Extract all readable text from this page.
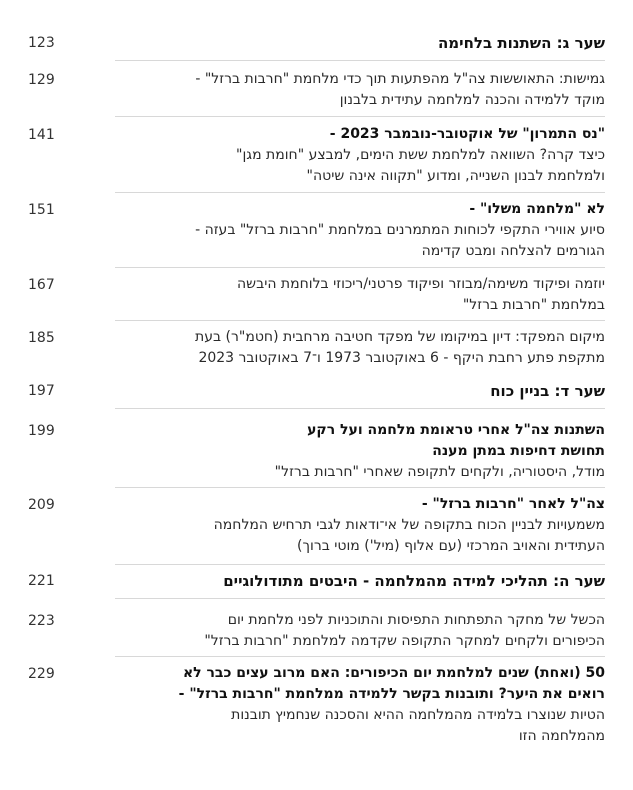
123	שער ג: השתנות בלחימה
129	גמישות: התאוששות צה"ל מהפתעות תוך כדי מלחמת "חרבות ברזל" -
מוקד ללמידה והכנה למלחמה עתידית בלבנון
141	"נס התמרון" של אוקטובר-נובמבר 2023 -
כיצד קרה? השוואה למלחמת ששת הימים, למבצע "חומת מגן"
ולמלחמת לבנון השנייה, ומדוע "תקווה אינה שיטה"
151	לא "מלחמה משלו" -
סיוע אווירי התקפי לכוחות המתמרנים במלחמת "חרבות ברזל" בעזה -
הגורמים להצלחה ומבט קדימה
167	יוזמה ופיקוד משימה/מבוזר ופיקוד פרטני/ריכוזי בלוחמת היבשה
במלחמת "חרבות ברזל"
185	מיקום המפקד: דיון במיקומו של מפקד חטיבה מרחבית (חטמ"ר) בעת
מתקפת פתע רחבת היקף - 6 באוקטובר 1973 ו־7 באוקטובר 2023
197	שער ד: בניין כוח
199	השתנות צה"ל אחרי טראומת מלחמה ועל רקע
תחושת דחיפות במתן מענה
מודל, היסטוריה, ולקחים לתקופה שאחרי "חרבות ברזל"
209	צה"ל לאחר "חרבות ברזל" -
משמעויות לבניין הכוח בתקופה של אי־ודאות לגבי תרחיש המלחמה
העתידית והאויב המרכזי (עם אלוף (מיל') מוטי ברוך)
221	שער ה: תהליכי למידה מהמלחמה - היבטים מתודולוגיים
223	הכשל של מחקר התפתחות התפיסות והתוכניות לפני מלחמת יום
הכיפורים ולקחים למחקר התקופה שקדמה למלחמת "חרבות ברזל"
229	50 (ואחת) שנים למלחמת יום הכיפורים: האם מרוב עצים כבר לא
רואים את היער? ותובנות בקשר ללמידה ממלחמת "חרבות ברזל" -
הטיות שנוצרו בלמידה מהמלחמה ההיא והסכנה שנחמיץ תובנות
מהמלחמה הזו
